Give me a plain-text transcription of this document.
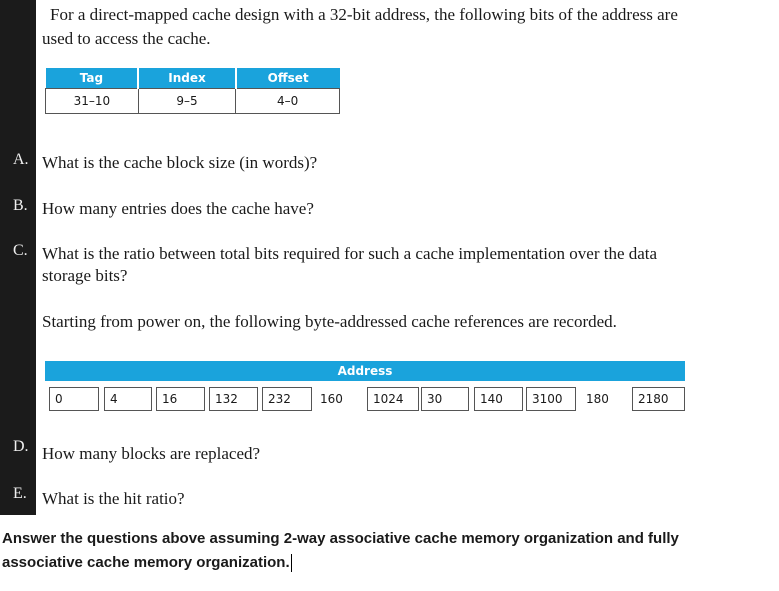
For a direct-mapped cache design with a 32-bit address, the following bits of the address are
used to access the cache.
Tag	Index	Offset
31–10	9–5	4–0
A. What is the cache block size (in words)?
B. How many entries does the cache have?
C. What is the ratio between total bits required for such a cache implementation over the data
storage bits?
Starting from power on, the following byte-addressed cache references are recorded.
Address
0	4	16	132	232	160	1024	30	140	3100	180	2180
D. How many blocks are replaced?
E. What is the hit ratio?
Answer the questions above assuming 2-way associative cache memory organization and fully
associative cache memory organization.
